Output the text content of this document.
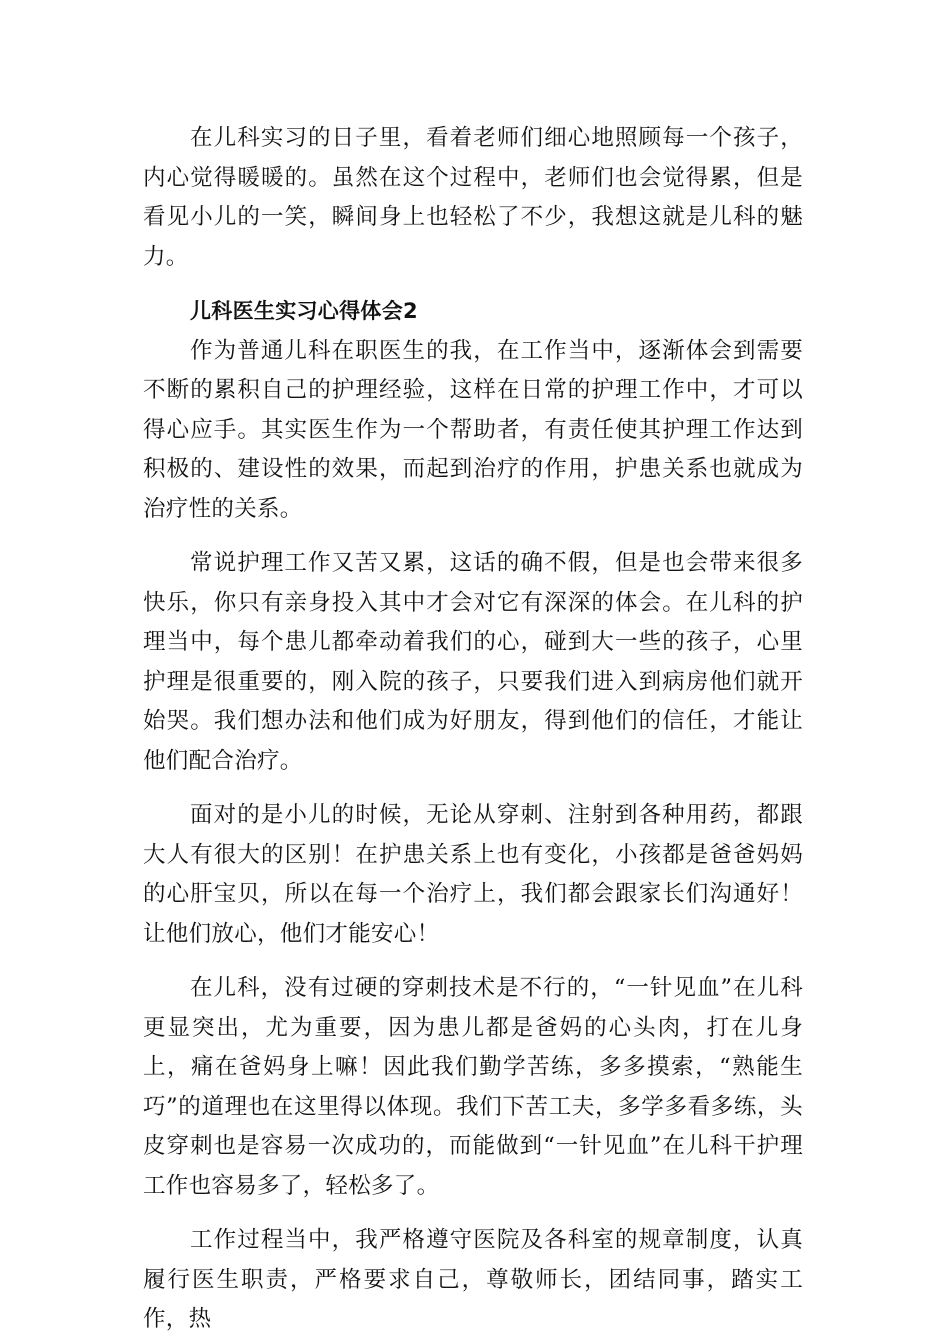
在儿科实习的日子里，看着老师们细心地照顾每一个孩子，内心觉得暖暖的。虽然在这个过程中，老师们也会觉得累，但是看见小儿的一笑，瞬间身上也轻松了不少，我想这就是儿科的魅力。

儿科医生实习心得体会2

作为普通儿科在职医生的我，在工作当中，逐渐体会到需要不断的累积自己的护理经验，这样在日常的护理工作中，才可以得心应手。其实医生作为一个帮助者，有责任使其护理工作达到积极的、建设性的效果，而起到治疗的作用，护患关系也就成为治疗性的关系。

常说护理工作又苦又累，这话的确不假，但是也会带来很多快乐，你只有亲身投入其中才会对它有深深的体会。在儿科的护理当中，每个患儿都牵动着我们的心，碰到大一些的孩子，心里护理是很重要的，刚入院的孩子，只要我们进入到病房他们就开始哭。我们想办法和他们成为好朋友，得到他们的信任，才能让他们配合治疗。

面对的是小儿的时候，无论从穿刺、注射到各种用药，都跟大人有很大的区别！在护患关系上也有变化，小孩都是爸爸妈妈的心肝宝贝，所以在每一个治疗上，我们都会跟家长们沟通好！让他们放心，他们才能安心！

在儿科，没有过硬的穿刺技术是不行的，“一针见血”在儿科更显突出，尤为重要，因为患儿都是爸妈的心头肉，打在儿身上，痛在爸妈身上嘛！因此我们勤学苦练，多多摸索，“熟能生巧”的道理也在这里得以体现。我们下苦工夫，多学多看多练，头皮穿刺也是容易一次成功的，而能做到“一针见血”在儿科干护理工作也容易多了，轻松多了。

工作过程当中，我严格遵守医院及各科室的规章制度，认真履行医生职责，严格要求自己，尊敬师长，团结同事，踏实工作，热
